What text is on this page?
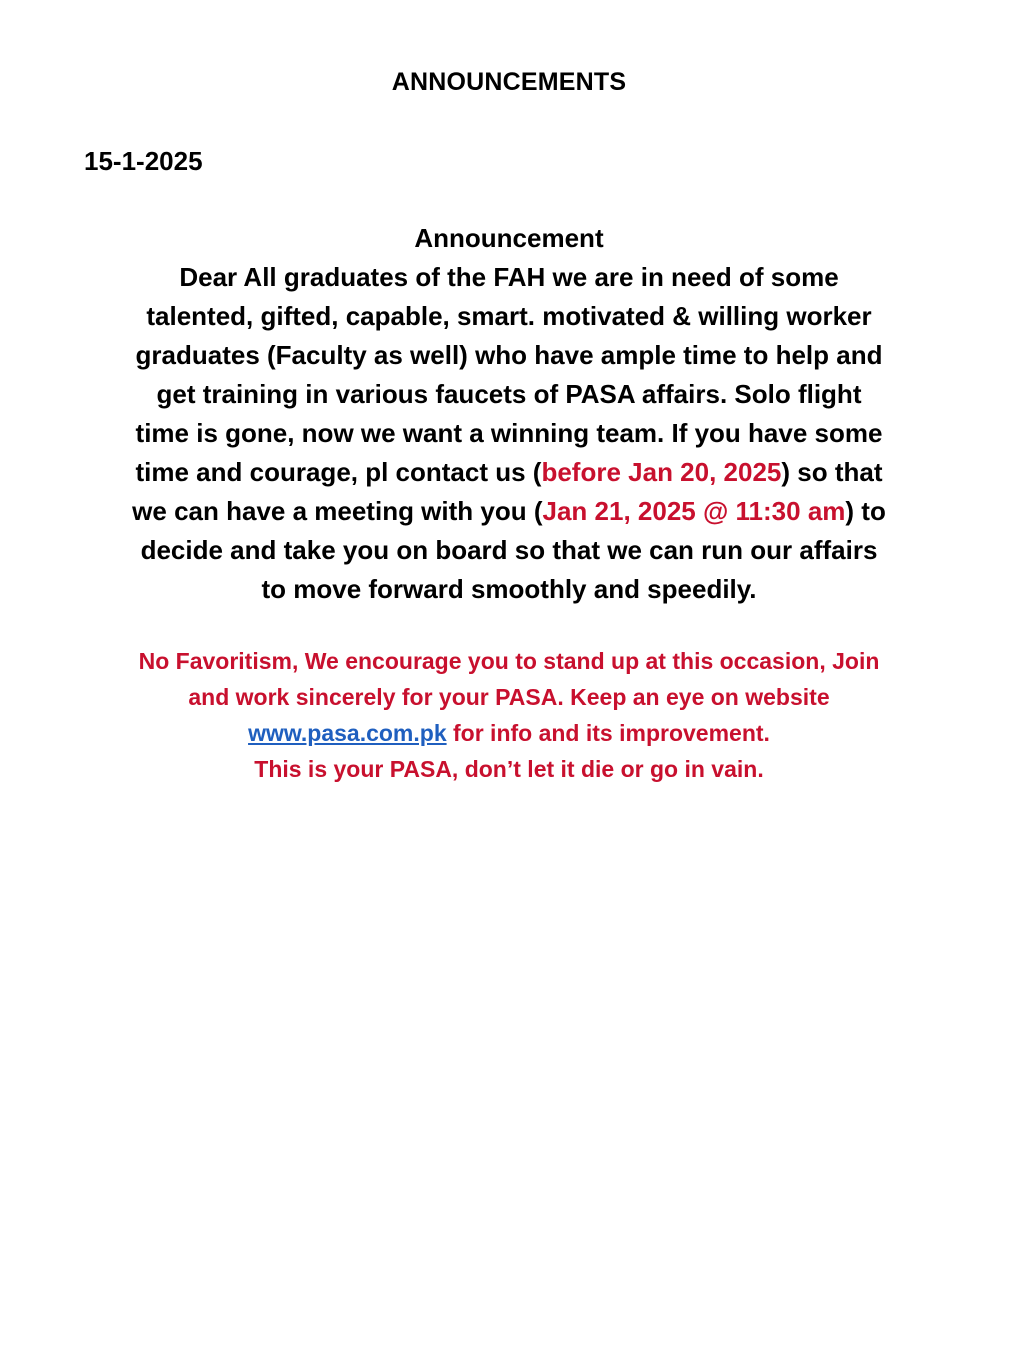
ANNOUNCEMENTS
15-1-2025
Announcement
Dear All graduates of the FAH we are in need of some
talented, gifted, capable, smart. motivated & willing worker
graduates (Faculty as well) who have ample time to help and
get training in various faucets of PASA affairs. Solo flight
time is gone, now we want a winning team. If you have some
time and courage, pl contact us (before Jan 20, 2025) so that
we can have a meeting with you (Jan 21, 2025 @ 11:30 am) to
decide and take you on board so that we can run our affairs
to move forward smoothly and speedily.
No Favoritism, We encourage you to stand up at this occasion, Join
and work sincerely for your PASA. Keep an eye on website
www.pasa.com.pk for info and its improvement.
This is your PASA, don’t let it die or go in vain.
